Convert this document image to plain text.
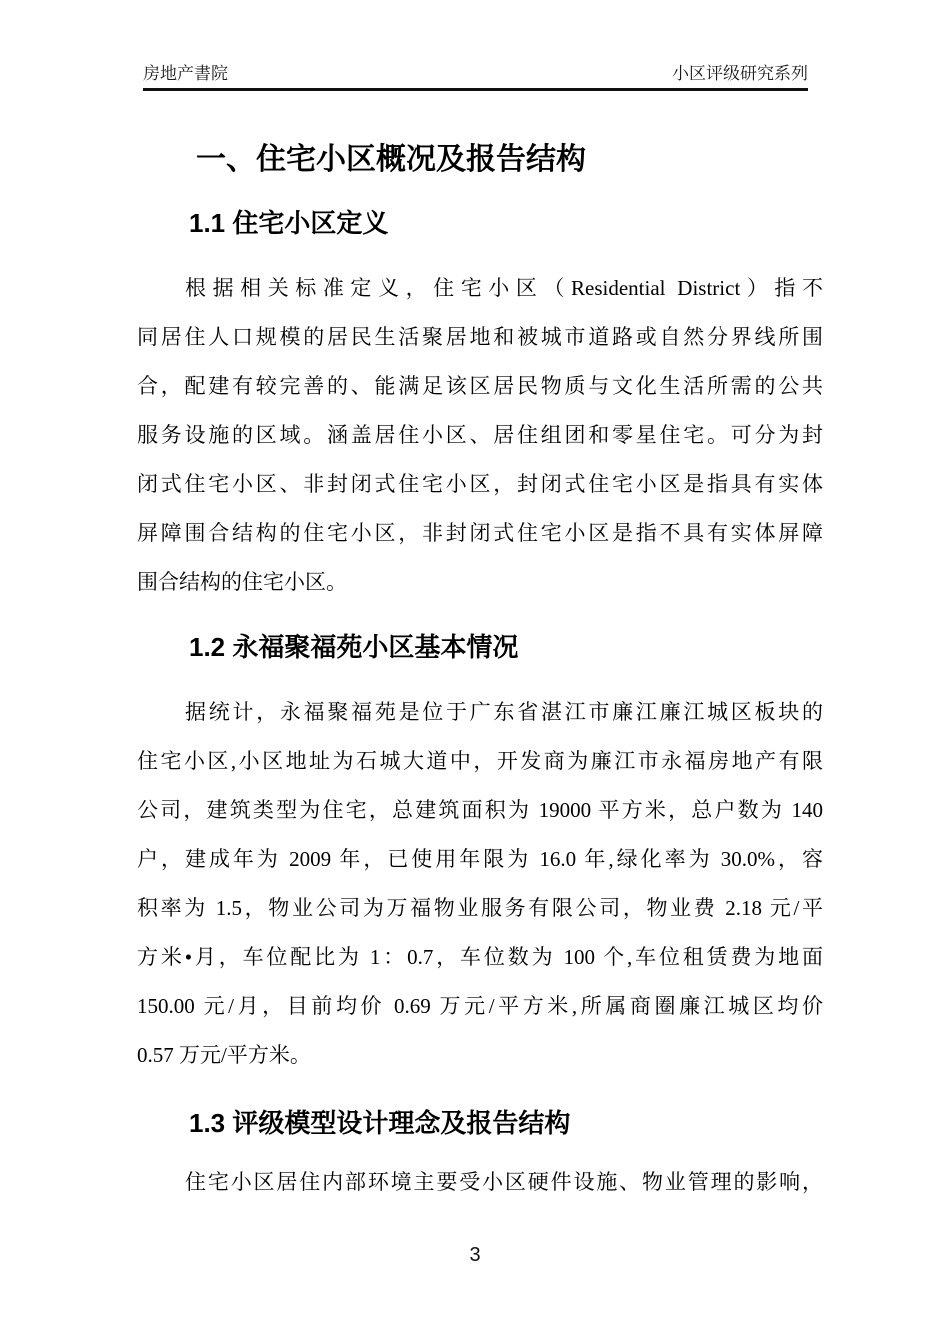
房地产書院	小区评级研究系列
一、住宅小区概况及报告结构
1.1 住宅小区定义
根据相关标准定义，住宅小区（Residential District）指不
同居住人口规模的居民生活聚居地和被城市道路或自然分界线所围
合，配建有较完善的、能满足该区居民物质与文化生活所需的公共
服务设施的区域。涵盖居住小区、居住组团和零星住宅。可分为封
闭式住宅小区、非封闭式住宅小区，封闭式住宅小区是指具有实体
屏障围合结构的住宅小区，非封闭式住宅小区是指不具有实体屏障
围合结构的住宅小区。
1.2 永福聚福苑小区基本情况
据统计，永福聚福苑是位于广东省湛江市廉江廉江城区板块的
住宅小区,小区地址为石城大道中，开发商为廉江市永福房地产有限
公司，建筑类型为住宅，总建筑面积为 19000 平方米，总户数为 140
户，建成年为 2009 年，已使用年限为 16.0 年,绿化率为 30.0%，容
积率为 1.5，物业公司为万福物业服务有限公司，物业费 2.18 元/平
方米•月，车位配比为 1：0.7，车位数为 100 个,车位租赁费为地面
150.00 元/月，目前均价 0.69 万元/平方米,所属商圈廉江城区均价
0.57 万元/平方米。
1.3 评级模型设计理念及报告结构
住宅小区居住内部环境主要受小区硬件设施、物业管理的影响，
3
